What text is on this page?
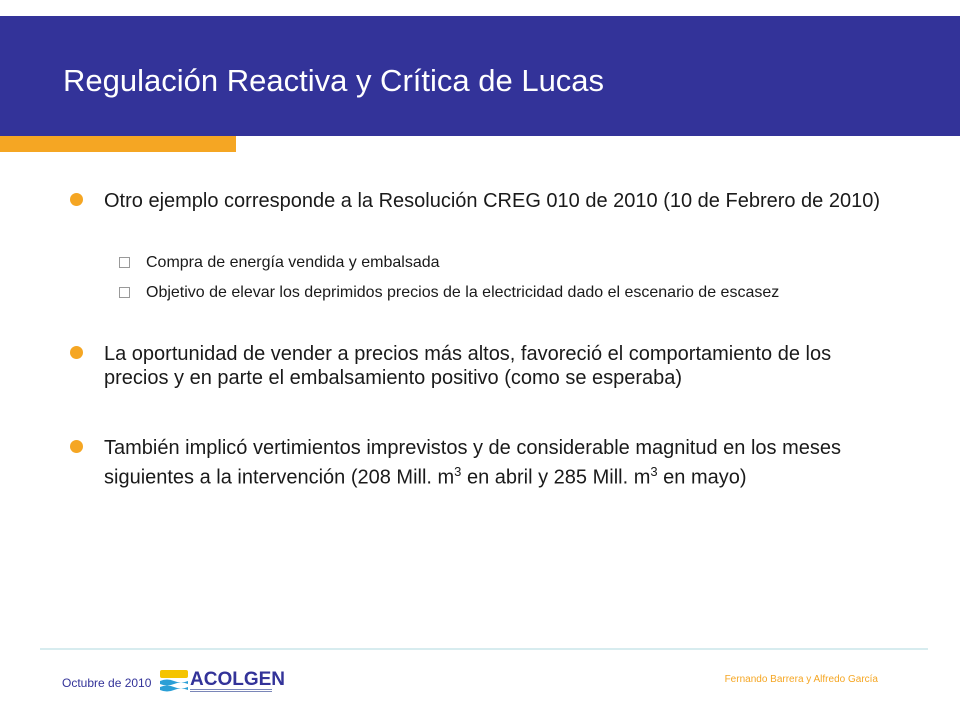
Regulación Reactiva y Crítica de Lucas
Otro ejemplo corresponde a la Resolución CREG 010 de 2010 (10 de Febrero de 2010)
Compra de energía vendida y embalsada
Objetivo de elevar los deprimidos precios de la electricidad dado el escenario de escasez
La oportunidad de vender a precios más altos, favoreció el comportamiento de los precios y en parte el embalsamiento positivo (como se esperaba)
También implicó vertimientos imprevistos y de considerable magnitud en los meses siguientes a la intervención (208 Mill. $m^3$ en abril y 285 Mill. $m^3$ en mayo)
Octubre de 2010 ACOLGEN	Fernando Barrera y Alfredo García
